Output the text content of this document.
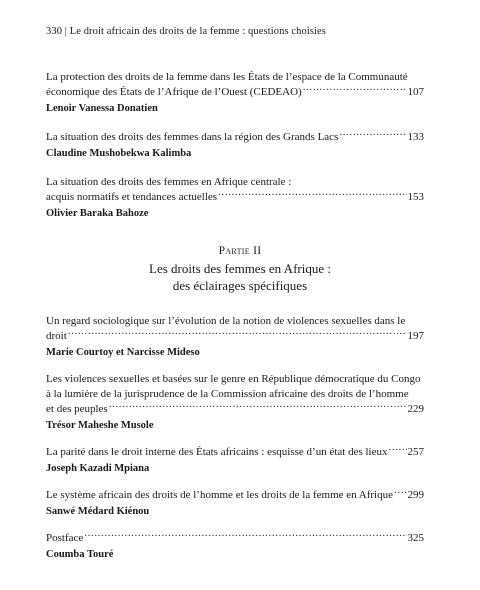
330 | Le droit africain des droits de la femme : questions choisies
La protection des droits de la femme dans les États de l’espace de la Communauté
économique des États de l’Afrique de l’Ouest (CEDEAO) .....	107
Lenoir Vanessa Donatien
La situation des droits des femmes dans la région des Grands Lacs .....	133
Claudine Mushobekwa Kalimba
La situation des droits des femmes en Afrique centrale :
acquis normatifs et tendances actuelles .....	153
Olivier Baraka Bahoze
Partie II
Les droits des femmes en Afrique :
des éclairages spécifiques
Un regard sociologique sur l’évolution de la notion de violences sexuelles dans le
droit .....	197
Marie Courtoy et Narcisse Mideso
Les violences sexuelles et basées sur le genre en République démocratique du Congo
à la lumière de la jurisprudence de la Commission africaine des droits de l’homme
et des peuples .....	229
Trésor Maheshe Musole
La parité dans le droit interne des États africains : esquisse d’un état des lieux ..... 257
Joseph Kazadi Mpiana
Le système africain des droits de l’homme et les droits de la femme en Afrique ..... 299
Sanwé Médard Kiénou
Postface .....	325
Coumba Touré
